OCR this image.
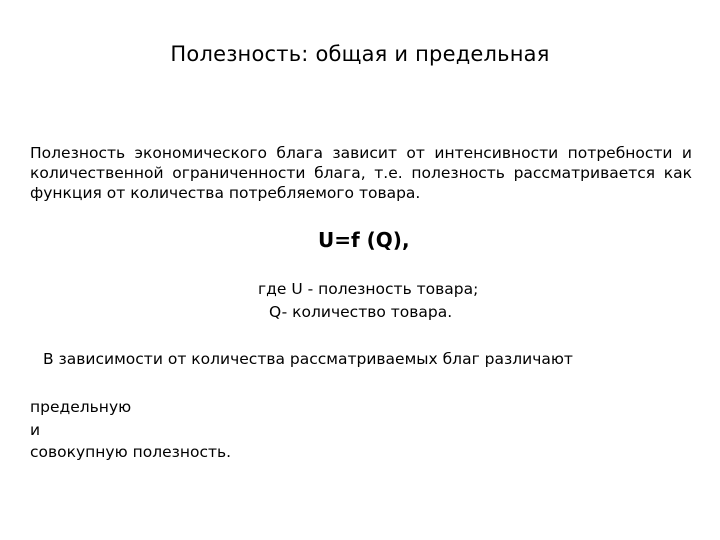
Полезность: общая и предельная

Полезность экономического блага зависит от интенсивности потребности и количественной ограниченности блага, т.е. полезность рассматривается как функция от количества потребляемого товара.

U=f (Q),

где U - полезность товара;

Q- количество товара.

В зависимости от количества рассматриваемых благ различают

предельную
и
совокупную полезность.
